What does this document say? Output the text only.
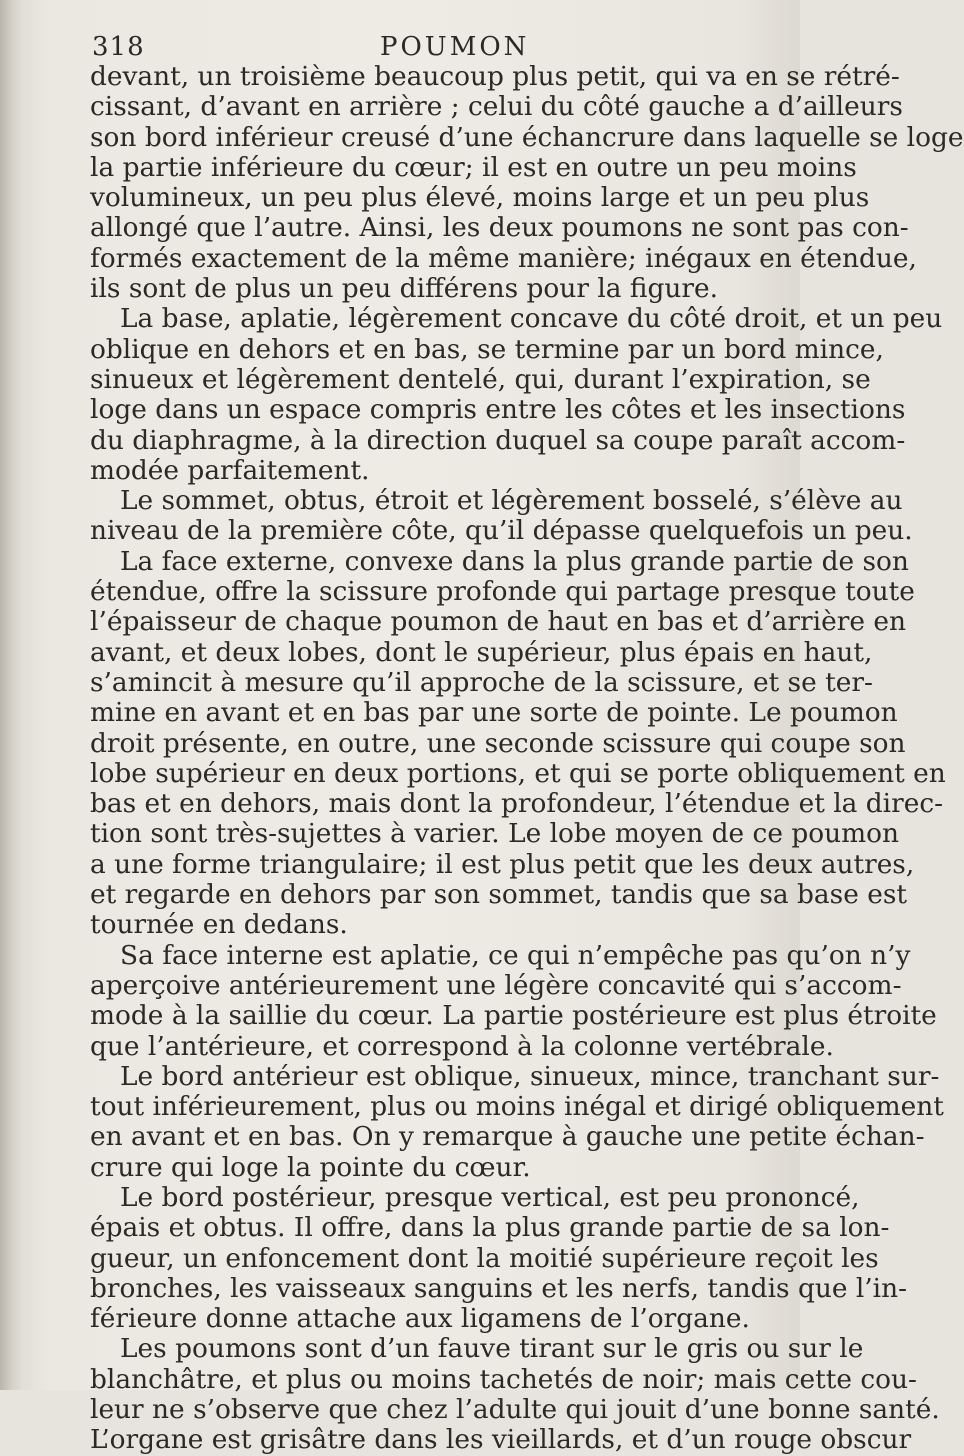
318	POUMON
devant, un troisième beaucoup plus petit, qui va en se rétré-
cissant, d’avant en arrière ; celui du côté gauche a d’ailleurs
son bord inférieur creusé d’une échancrure dans laquelle se loge
la partie inférieure du cœur; il est en outre un peu moins
volumineux, un peu plus élevé, moins large et un peu plus
allongé que l’autre. Ainsi, les deux poumons ne sont pas con-
formés exactement de la même manière; inégaux en étendue,
ils sont de plus un peu différens pour la figure.
La base, aplatie, légèrement concave du côté droit, et un peu
oblique en dehors et en bas, se termine par un bord mince,
sinueux et légèrement dentelé, qui, durant l’expiration, se
loge dans un espace compris entre les côtes et les insections
du diaphragme, à la direction duquel sa coupe paraît accom-
modée parfaitement.
Le sommet, obtus, étroit et légèrement bosselé, s’élève au
niveau de la première côte, qu’il dépasse quelquefois un peu.
La face externe, convexe dans la plus grande partie de son
étendue, offre la scissure profonde qui partage presque toute
l’épaisseur de chaque poumon de haut en bas et d’arrière en
avant, et deux lobes, dont le supérieur, plus épais en haut,
s’amincit à mesure qu’il approche de la scissure, et se ter-
mine en avant et en bas par une sorte de pointe. Le poumon
droit présente, en outre, une seconde scissure qui coupe son
lobe supérieur en deux portions, et qui se porte obliquement en
bas et en dehors, mais dont la profondeur, l’étendue et la direc-
tion sont très-sujettes à varier. Le lobe moyen de ce poumon
a une forme triangulaire; il est plus petit que les deux autres,
et regarde en dehors par son sommet, tandis que sa base est
tournée en dedans.
Sa face interne est aplatie, ce qui n’empêche pas qu’on n’y
aperçoive antérieurement une légère concavité qui s’accom-
mode à la saillie du cœur. La partie postérieure est plus étroite
que l’antérieure, et correspond à la colonne vertébrale.
Le bord antérieur est oblique, sinueux, mince, tranchant sur-
tout inférieurement, plus ou moins inégal et dirigé obliquement
en avant et en bas. On y remarque à gauche une petite échan-
crure qui loge la pointe du cœur.
Le bord postérieur, presque vertical, est peu prononcé,
épais et obtus. Il offre, dans la plus grande partie de sa lon-
gueur, un enfoncement dont la moitié supérieure reçoit les
bronches, les vaisseaux sanguins et les nerfs, tandis que l’in-
férieure donne attache aux ligamens de l’organe.
Les poumons sont d’un fauve tirant sur le gris ou sur le
blanchâtre, et plus ou moins tachetés de noir; mais cette cou-
leur ne s’observe que chez l’adulte qui jouit d’une bonne santé.
L’organe est grisâtre dans les vieillards, et d’un rouge obscur
